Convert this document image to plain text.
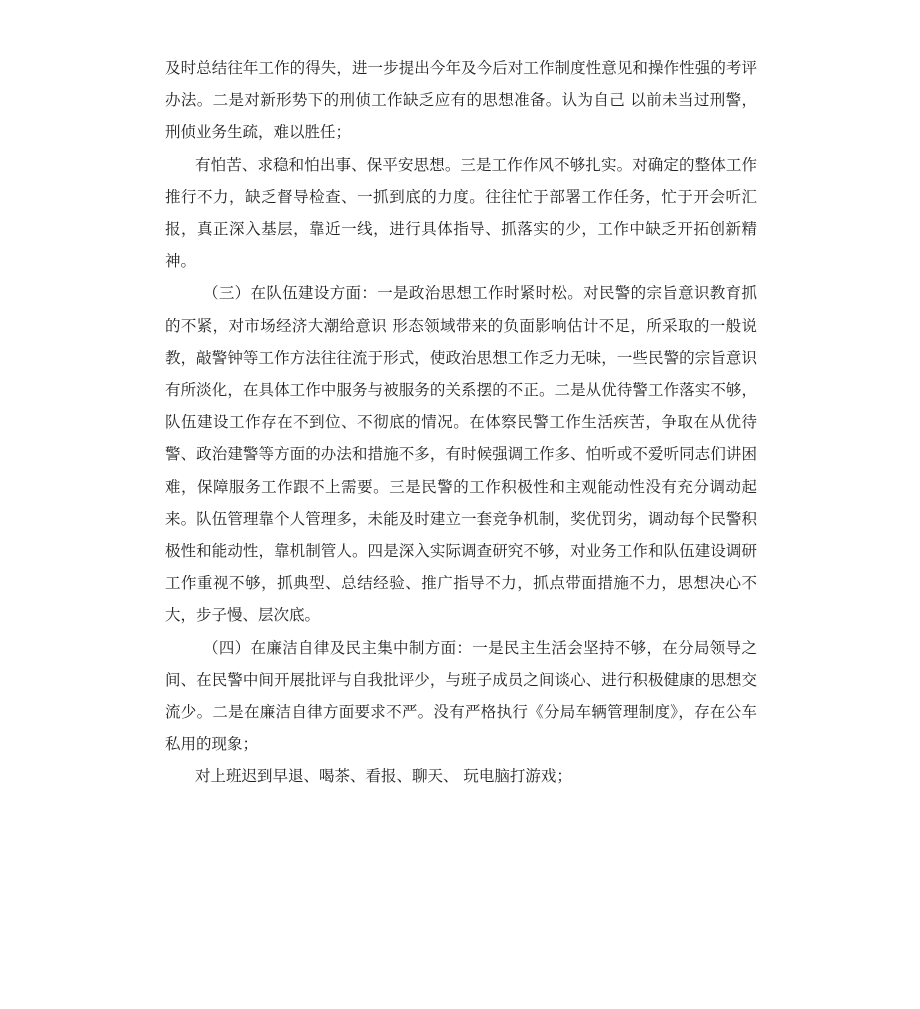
及时总结往年工作的得失，进一步提出今年及今后对工作制度性意见和操作性强的考评办法。二是对新形势下的刑侦工作缺乏应有的思想准备。认为自己 以前未当过刑警，刑侦业务生疏，难以胜任；

有怕苦、求稳和怕出事、保平安思想。三是工作作风不够扎实。对确定的整体工作推行不力，缺乏督导检查、一抓到底的力度。往往忙于部署工作任务，忙于开会听汇报，真正深入基层，靠近一线，进行具体指导、抓落实的少，工作中缺乏开拓创新精神。

（三）在队伍建设方面：一是政治思想工作时紧时松。对民警的宗旨意识教育抓的不紧，对市场经济大潮给意识 形态领域带来的负面影响估计不足，所采取的一般说教，敲警钟等工作方法往往流于形式，使政治思想工作乏力无味，一些民警的宗旨意识有所淡化，在具体工作中服务与被服务的关系摆的不正。二是从优待警工作落实不够，队伍建设工作存在不到位、不彻底的情况。在体察民警工作生活疾苦，争取在从优待警、政治建警等方面的办法和措施不多，有时候强调工作多、怕听或不爱听同志们讲困难，保障服务工作跟不上需要。三是民警的工作积极性和主观能动性没有充分调动起来。队伍管理靠个人管理多，未能及时建立一套竞争机制，奖优罚劣，调动每个民警积极性和能动性，靠机制管人。四是深入实际调查研究不够，对业务工作和队伍建设调研工作重视不够，抓典型、总结经验、推广指导不力，抓点带面措施不力，思想决心不大，步子慢、层次底。

（四）在廉洁自律及民主集中制方面：一是民主生活会坚持不够，在分局领导之间、在民警中间开展批评与自我批评少，与班子成员之间谈心、进行积极健康的思想交流少。二是在廉洁自律方面要求不严。没有严格执行《分局车辆管理制度》，存在公车私用的现象；

对上班迟到早退、喝茶、看报、聊天、 玩电脑打游戏；
